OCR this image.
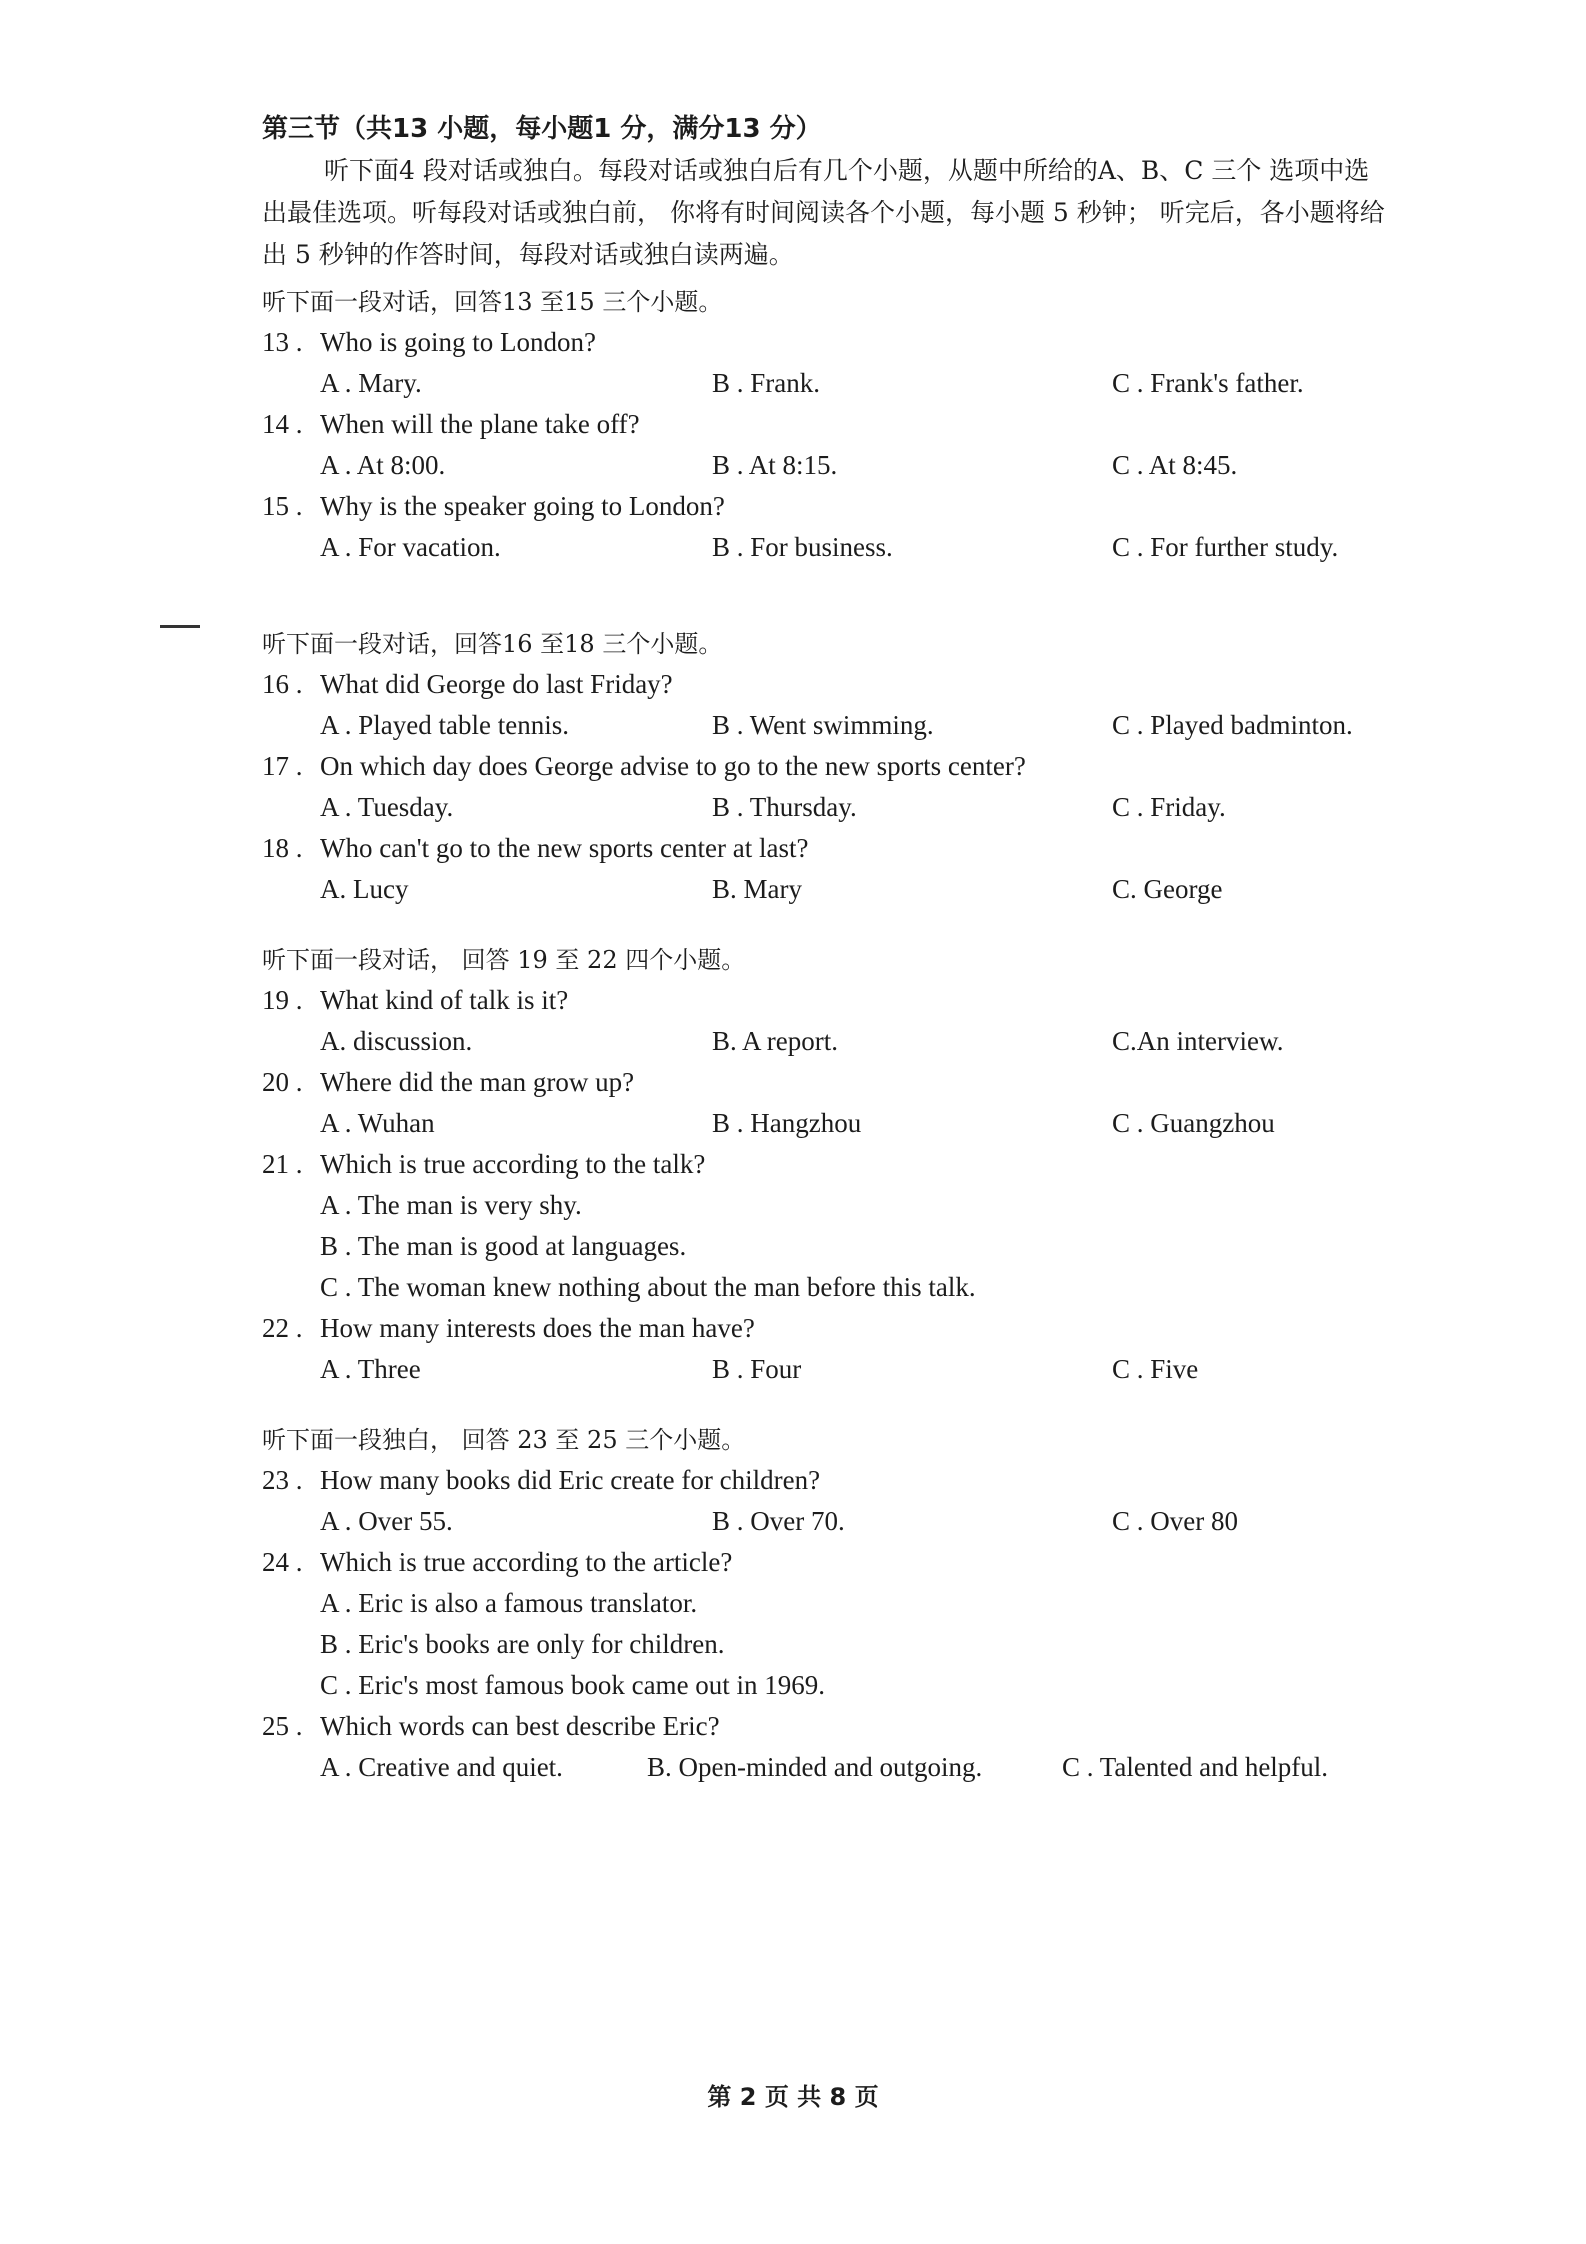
第三节（共13 小题，每小题1 分，满分13 分）
听下面4 段对话或独白。每段对话或独白后有几个小题，从题中所给的A、B、C 三个 选项中选出最佳选项。听每段对话或独白前， 你将有时间阅读各个小题，每小题 5 秒钟； 听完后，各小题将给出 5 秒钟的作答时间，每段对话或独白读两遍。
听下面一段对话，回答13 至15 三个小题。
13 . Who is going to London?
A . Mary.	B . Frank.	C . Frank's father.
14 . When will the plane take off?
A . At 8:00.	B . At 8:15.	C . At 8:45.
15 . Why is the speaker going to London?
A . For vacation.	B . For business.	C . For further study.
听下面一段对话，回答16 至18 三个小题。
16 . What did George do last Friday?
A . Played table tennis.	B . Went swimming.	C . Played badminton.
17 . On which day does George advise to go to the new sports center?
A . Tuesday.	B . Thursday.	C . Friday.
18 . Who can't go to the new sports center at last?
A. Lucy	B. Mary	C. George
听下面一段对话， 回答 19 至 22 四个小题。
19 . What kind of talk is it?
A. discussion.	B. A report.	C.An interview.
20 . Where did the man grow up?
A . Wuhan	B . Hangzhou	C . Guangzhou
21 . Which is true according to the talk?
A . The man is very shy.
B . The man is good at languages.
C . The woman knew nothing about the man before this talk.
22 . How many interests does the man have?
A . Three	B . Four	C . Five
听下面一段独白， 回答 23 至 25 三个小题。
23 . How many books did Eric create for children?
A . Over 55.	B . Over 70.	C . Over 80
24 . Which is true according to the article?
A . Eric is also a famous translator.
B . Eric's books are only for children.
C . Eric's most famous book came out in 1969.
25 . Which words can best describe Eric?
A . Creative and quiet.	B. Open-minded and outgoing.	C . Talented and helpful.
第 2 页 共 8 页
